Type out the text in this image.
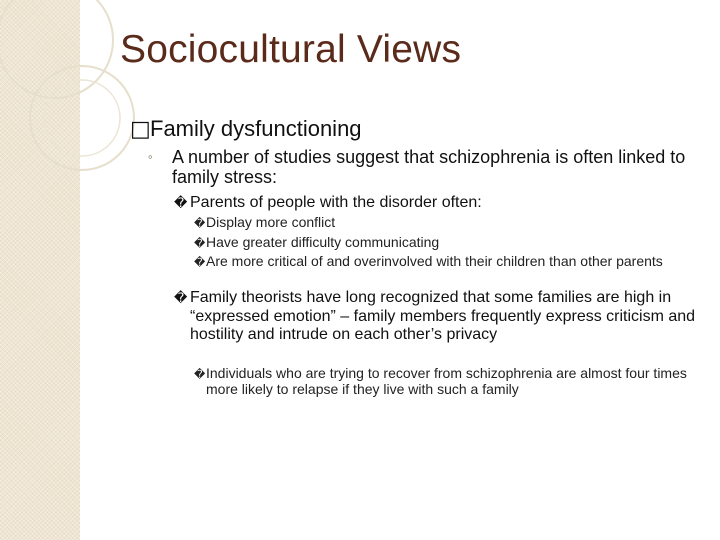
Sociocultural Views
□Family dysfunctioning
◦ A number of studies suggest that schizophrenia is often linked to family stress:
� Parents of people with the disorder often:
�Display more conflict
�Have greater difficulty communicating
�Are more critical of and overinvolved with their children than other parents
� Family theorists have long recognized that some families are high in “expressed emotion” – family members frequently express criticism and hostility and intrude on each other’s privacy
�Individuals who are trying to recover from schizophrenia are almost four times more likely to relapse if they live with such a family
